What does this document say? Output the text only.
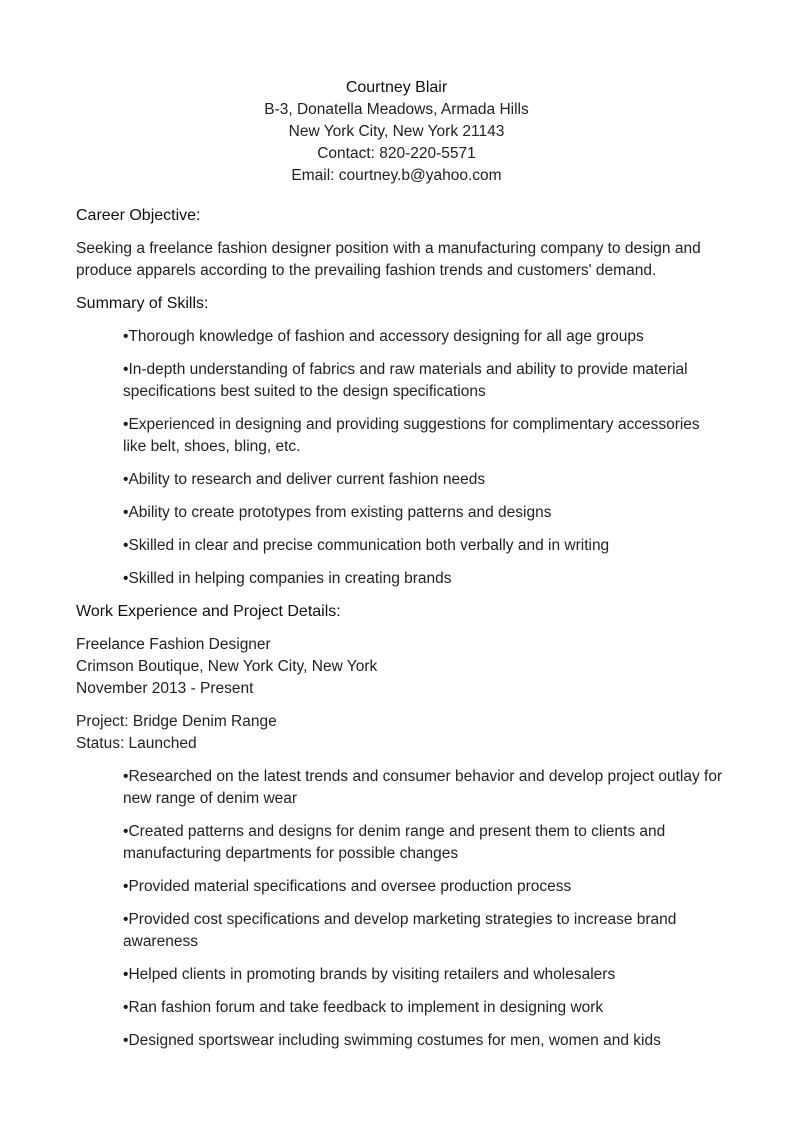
Courtney Blair
B-3, Donatella Meadows, Armada Hills
New York City, New York 21143
Contact: 820-220-5571
Email: courtney.b@yahoo.com
Career Objective:
Seeking a freelance fashion designer position with a manufacturing company to design and produce apparels according to the prevailing fashion trends and customers' demand.
Summary of Skills:
•Thorough knowledge of fashion and accessory designing for all age groups
•In-depth understanding of fabrics and raw materials and ability to provide material specifications best suited to the design specifications
•Experienced in designing and providing suggestions for complimentary accessories like belt, shoes, bling, etc.
•Ability to research and deliver current fashion needs
•Ability to create prototypes from existing patterns and designs
•Skilled in clear and precise communication both verbally and in writing
•Skilled in helping companies in creating brands
Work Experience and Project Details:
Freelance Fashion Designer
Crimson Boutique, New York City, New York
November 2013 - Present
Project: Bridge Denim Range
Status: Launched
•Researched on the latest trends and consumer behavior and develop project outlay for new range of denim wear
•Created patterns and designs for denim range and present them to clients and manufacturing departments for possible changes
•Provided material specifications and oversee production process
•Provided cost specifications and develop marketing strategies to increase brand awareness
•Helped clients in promoting brands by visiting retailers and wholesalers
•Ran fashion forum and take feedback to implement in designing work
•Designed sportswear including swimming costumes for men, women and kids
